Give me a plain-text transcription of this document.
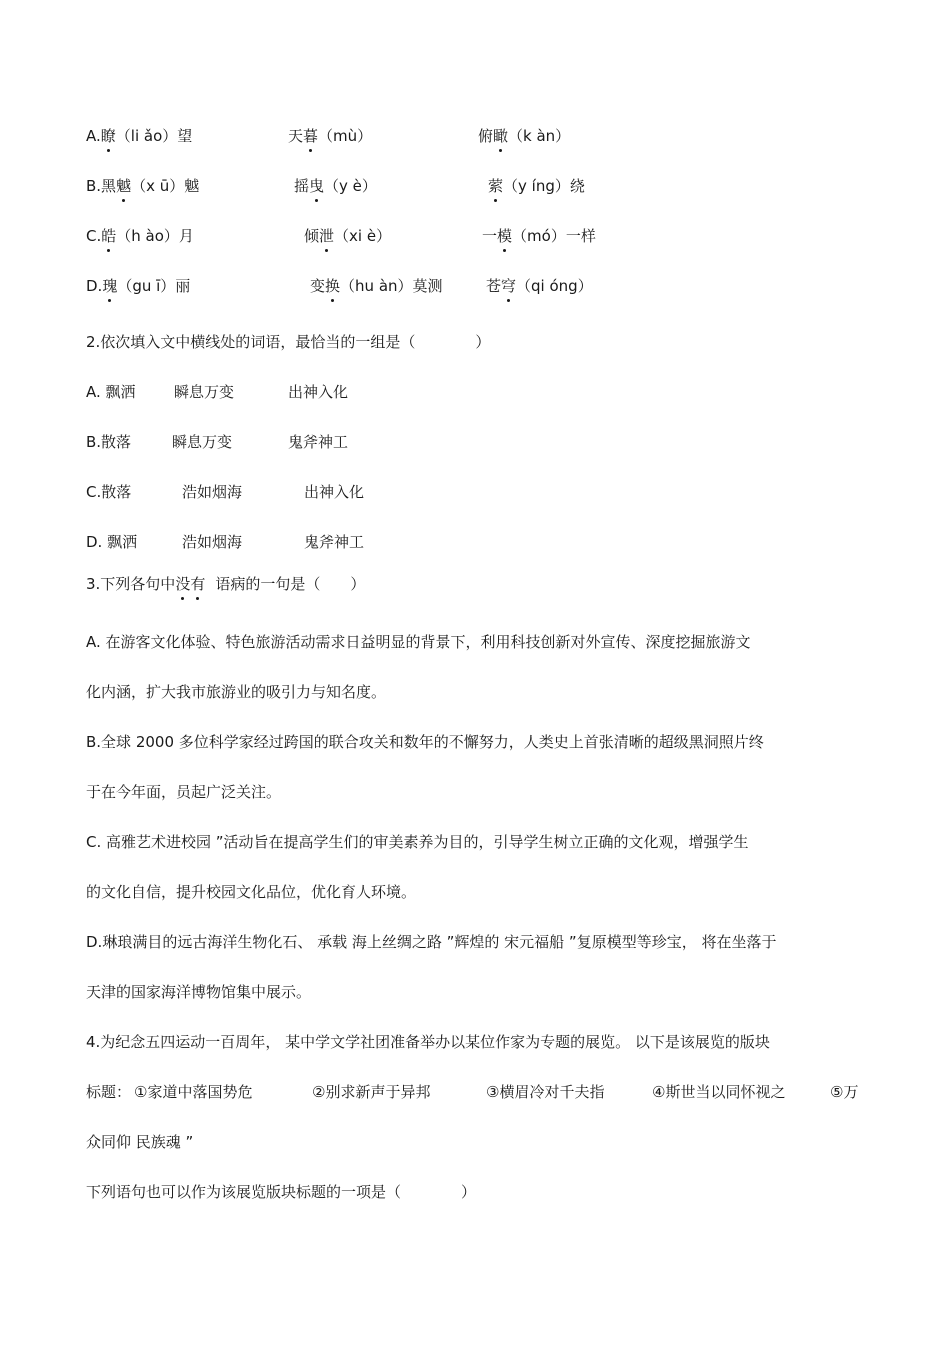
A.瞭（li ǎo）望	天暮（mù）	俯瞰（k àn）
B.黑魆（x ū）魆	摇曳（y è）	萦（y íng）绕
C.皓（h ào）月	倾泄（xi è）	一模（mó）一样
D.瑰（gu ī）丽	变换（hu àn）莫测	苍穹（qi óng）
2.依次填入文中横线处的词语，最恰当的一组是（　　　　）
A. 飘洒	瞬息万变	出神入化
B.散落	瞬息万变	鬼斧神工
C.散落	浩如烟海	出神入化
D. 飘洒	浩如烟海	鬼斧神工
3.下列各句中没有 语病的一句是（　　）
A. 在游客文化体验、特色旅游活动需求日益明显的背景下，利用科技创新对外宣传、深度挖掘旅游文
化内涵，扩大我市旅游业的吸引力与知名度。
B.全球 2000 多位科学家经过跨国的联合攻关和数年的不懈努力，人类史上首张清晰的超级黑洞照片终
于在今年面，员起广泛关注。
C. 高雅艺术进校园 ”活动旨在提高学生们的审美素养为目的，引导学生树立正确的文化观，增强学生
的文化自信，提升校园文化品位，优化育人环境。
D.琳琅满目的远古海洋生物化石、 承载 海上丝绸之路 ”辉煌的 宋元福船 ”复原模型等珍宝， 将在坐落于
天津的国家海洋博物馆集中展示。
4.为纪念五四运动一百周年， 某中学文学社团准备举办以某位作家为专题的展览。 以下是该展览的版块
标题： ①家道中落国势危	②别求新声于异邦	③横眉冷对千夫指	④斯世当以同怀视之	⑤万
众同仰 民族魂 ”
下列语句也可以作为该展览版块标题的一项是（　　　　）
